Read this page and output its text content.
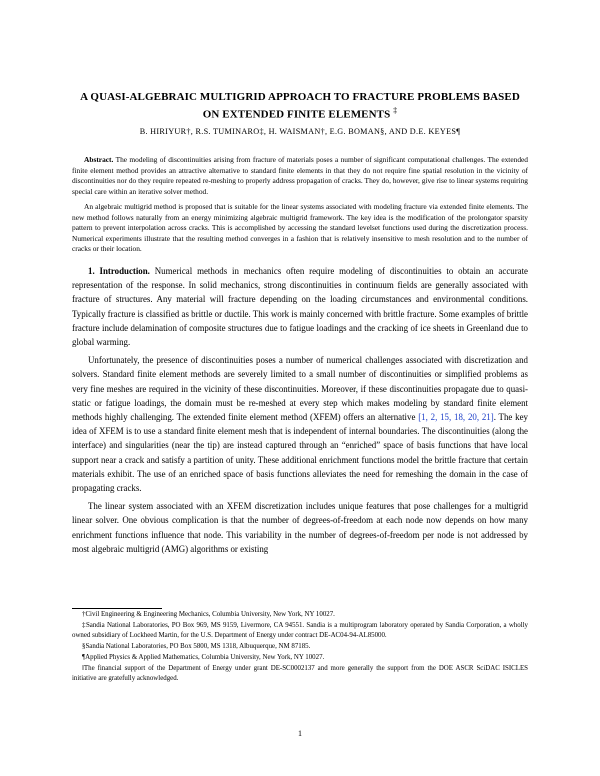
A QUASI-ALGEBRAIC MULTIGRID APPROACH TO FRACTURE PROBLEMS BASED
ON EXTENDED FINITE ELEMENTS ‡
B. HIRIYUR†, R.S. TUMINARO‡, H. WAISMAN†, E.G. BOMAN§, AND D.E. KEYES¶

Abstract. The modeling of discontinuities arising from fracture of materials poses a number of significant computational challenges. The extended finite element method provides an attractive alternative to standard finite elements in that they do not require fine spatial resolution in the vicinity of discontinuities nor do they require repeated re-meshing to properly address propagation of cracks. They do, however, give rise to linear systems requiring special care within an iterative solver method.

An algebraic multigrid method is proposed that is suitable for the linear systems associated with modeling fracture via extended finite elements. The new method follows naturally from an energy minimizing algebraic multigrid framework. The key idea is the modification of the prolongator sparsity pattern to prevent interpolation across cracks. This is accomplished by accessing the standard levelset functions used during the discretization process. Numerical experiments illustrate that the resulting method converges in a fashion that is relatively insensitive to mesh resolution and to the number of cracks or their location.

1. Introduction. Numerical methods in mechanics often require modeling of discontinuities to obtain an accurate representation of the response. In solid mechanics, strong discontinuities in continuum fields are generally associated with fracture of structures. Any material will fracture depending on the loading circumstances and environmental conditions. Typically fracture is classified as brittle or ductile. This work is mainly concerned with brittle fracture. Some examples of brittle fracture include delamination of composite structures due to fatigue loadings and the cracking of ice sheets in Greenland due to global warming.

Unfortunately, the presence of discontinuities poses a number of numerical challenges associated with discretization and solvers. Standard finite element methods are severely limited to a small number of discontinuities or simplified problems as very fine meshes are required in the vicinity of these discontinuities. Moreover, if these discontinuities propagate due to quasi-static or fatigue loadings, the domain must be re-meshed at every step which makes modeling by standard finite element methods highly challenging. The extended finite element method (XFEM) offers an alternative [1, 2, 15, 18, 20, 21]. The key idea of XFEM is to use a standard finite element mesh that is independent of internal boundaries. The discontinuities (along the interface) and singularities (near the tip) are instead captured through an “enriched” space of basis functions that have local support near a crack and satisfy a partition of unity. These additional enrichment functions model the brittle fracture that certain materials exhibit. The use of an enriched space of basis functions alleviates the need for remeshing the domain in the case of propagating cracks.

The linear system associated with an XFEM discretization includes unique features that pose challenges for a multigrid linear solver. One obvious complication is that the number of degrees-of-freedom at each node now depends on how many enrichment functions influence that node. This variability in the number of degrees-of-freedom per node is not addressed by most algebraic multigrid (AMG) algorithms or existing

†Civil Engineering & Engineering Mechanics, Columbia University, New York, NY 10027.
‡Sandia National Laboratories, PO Box 969, MS 9159, Livermore, CA 94551. Sandia is a multiprogram laboratory operated by Sandia Corporation, a wholly owned subsidiary of Lockheed Martin, for the U.S. Department of Energy under contract DE-AC04-94-AL85000.
§Sandia National Laboratories, PO Box 5800, MS 1318, Albuquerque, NM 87185.
¶Applied Physics & Applied Mathematics, Columbia University, New York, NY 10027.
‖The financial support of the Department of Energy under grant DE-SC0002137 and more generally the support from the DOE ASCR SciDAC ISICLES initiative are gratefully acknowledged.
1
